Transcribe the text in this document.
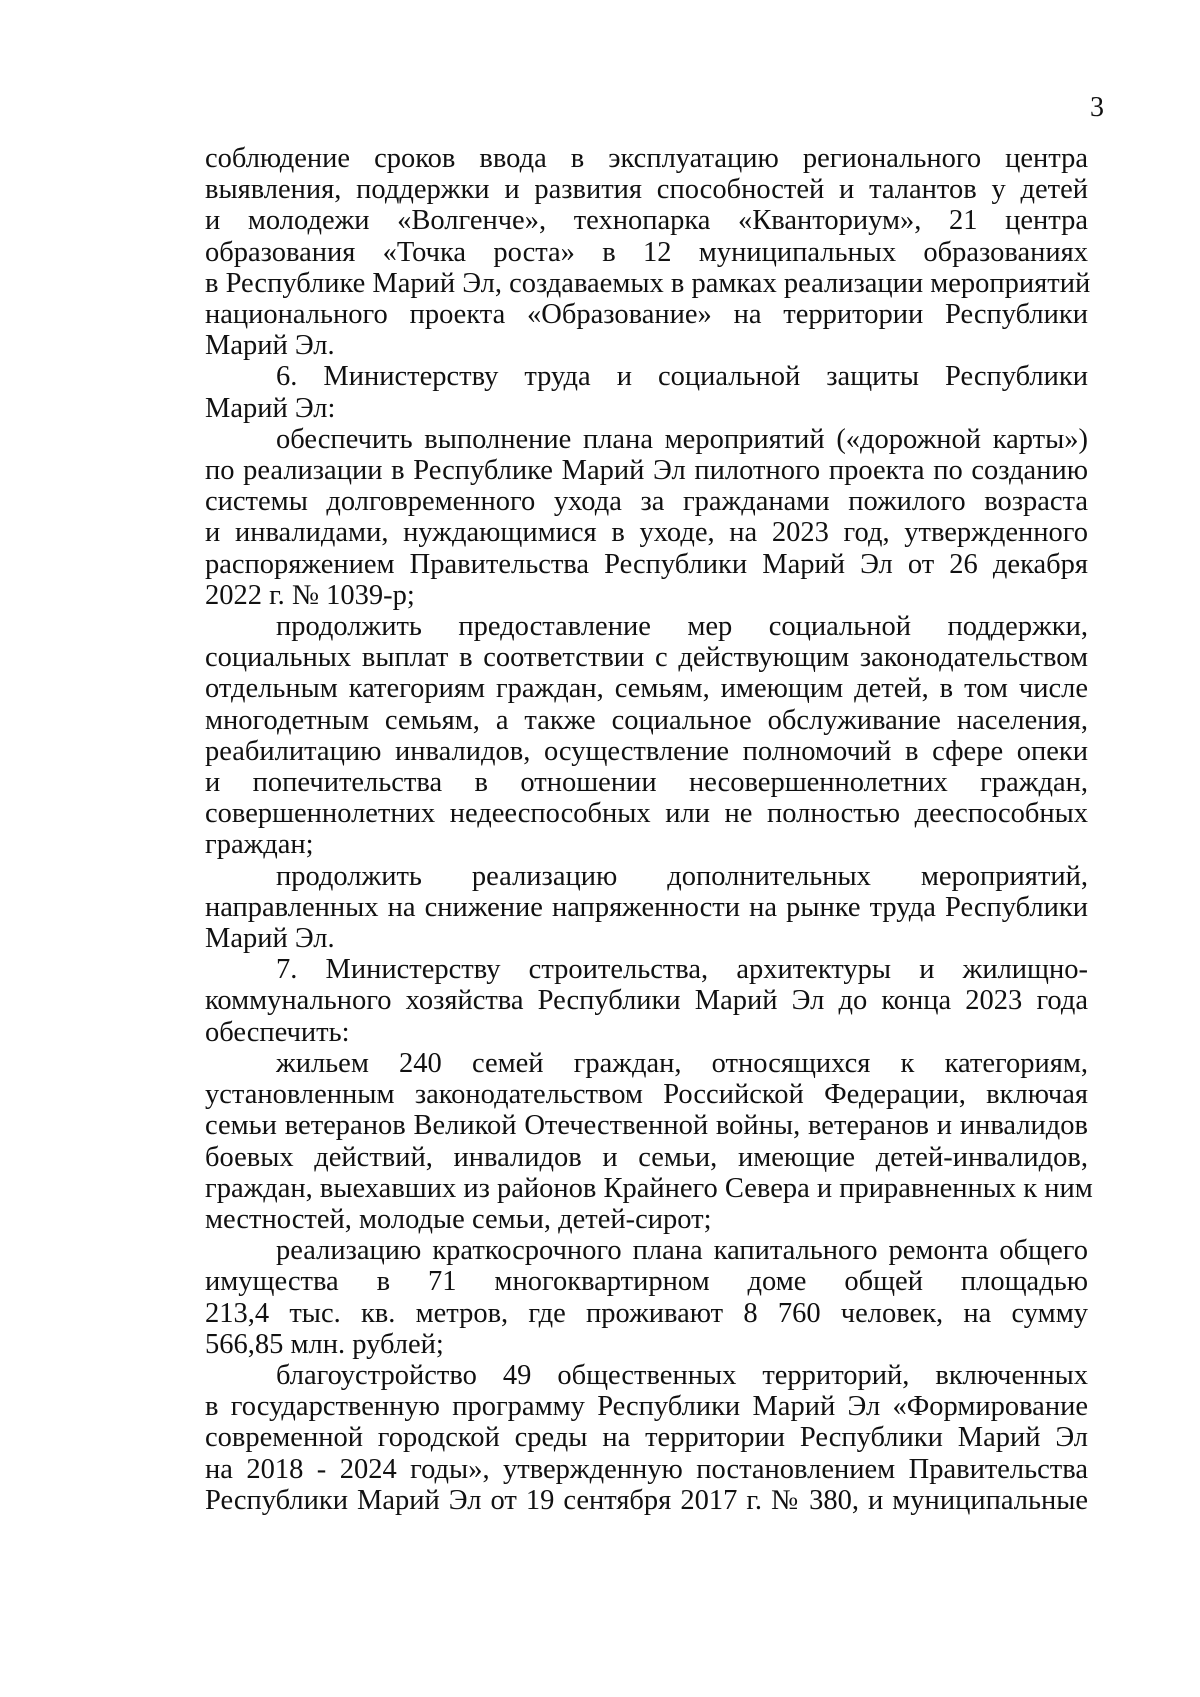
3
соблюдение сроков ввода в эксплуатацию регионального центра
выявления, поддержки и развития способностей и талантов у детей
и молодежи «Волгенче», технопарка «Кванториум», 21 центра
образования «Точка роста» в 12 муниципальных образованиях
в Республике Марий Эл, создаваемых в рамках реализации мероприятий
национального проекта «Образование» на территории Республики
Марий Эл.
6. Министерству труда и социальной защиты Республики
Марий Эл:
обеспечить выполнение плана мероприятий («дорожной карты»)
по реализации в Республике Марий Эл пилотного проекта по созданию
системы долговременного ухода за гражданами пожилого возраста
и инвалидами, нуждающимися в уходе, на 2023 год, утвержденного
распоряжением Правительства Республики Марий Эл от 26 декабря
2022 г. № 1039-р;
продолжить предоставление мер социальной поддержки,
социальных выплат в соответствии с действующим законодательством
отдельным категориям граждан, семьям, имеющим детей, в том числе
многодетным семьям, а также социальное обслуживание населения,
реабилитацию инвалидов, осуществление полномочий в сфере опеки
и попечительства в отношении несовершеннолетних граждан,
совершеннолетних недееспособных или не полностью дееспособных
граждан;
продолжить реализацию дополнительных мероприятий,
направленных на снижение напряженности на рынке труда Республики
Марий Эл.
7. Министерству строительства, архитектуры и жилищно-
коммунального хозяйства Республики Марий Эл до конца 2023 года
обеспечить:
жильем 240 семей граждан, относящихся к категориям,
установленным законодательством Российской Федерации, включая
семьи ветеранов Великой Отечественной войны, ветеранов и инвалидов
боевых действий, инвалидов и семьи, имеющие детей-инвалидов,
граждан, выехавших из районов Крайнего Севера и приравненных к ним
местностей, молодые семьи, детей-сирот;
реализацию краткосрочного плана капитального ремонта общего
имущества в 71 многоквартирном доме общей площадью
213,4 тыс. кв. метров, где проживают 8 760 человек, на сумму
566,85 млн. рублей;
благоустройство 49 общественных территорий, включенных
в государственную программу Республики Марий Эл «Формирование
современной городской среды на территории Республики Марий Эл
на 2018 - 2024 годы», утвержденную постановлением Правительства
Республики Марий Эл от 19 сентября 2017 г. № 380, и муниципальные
